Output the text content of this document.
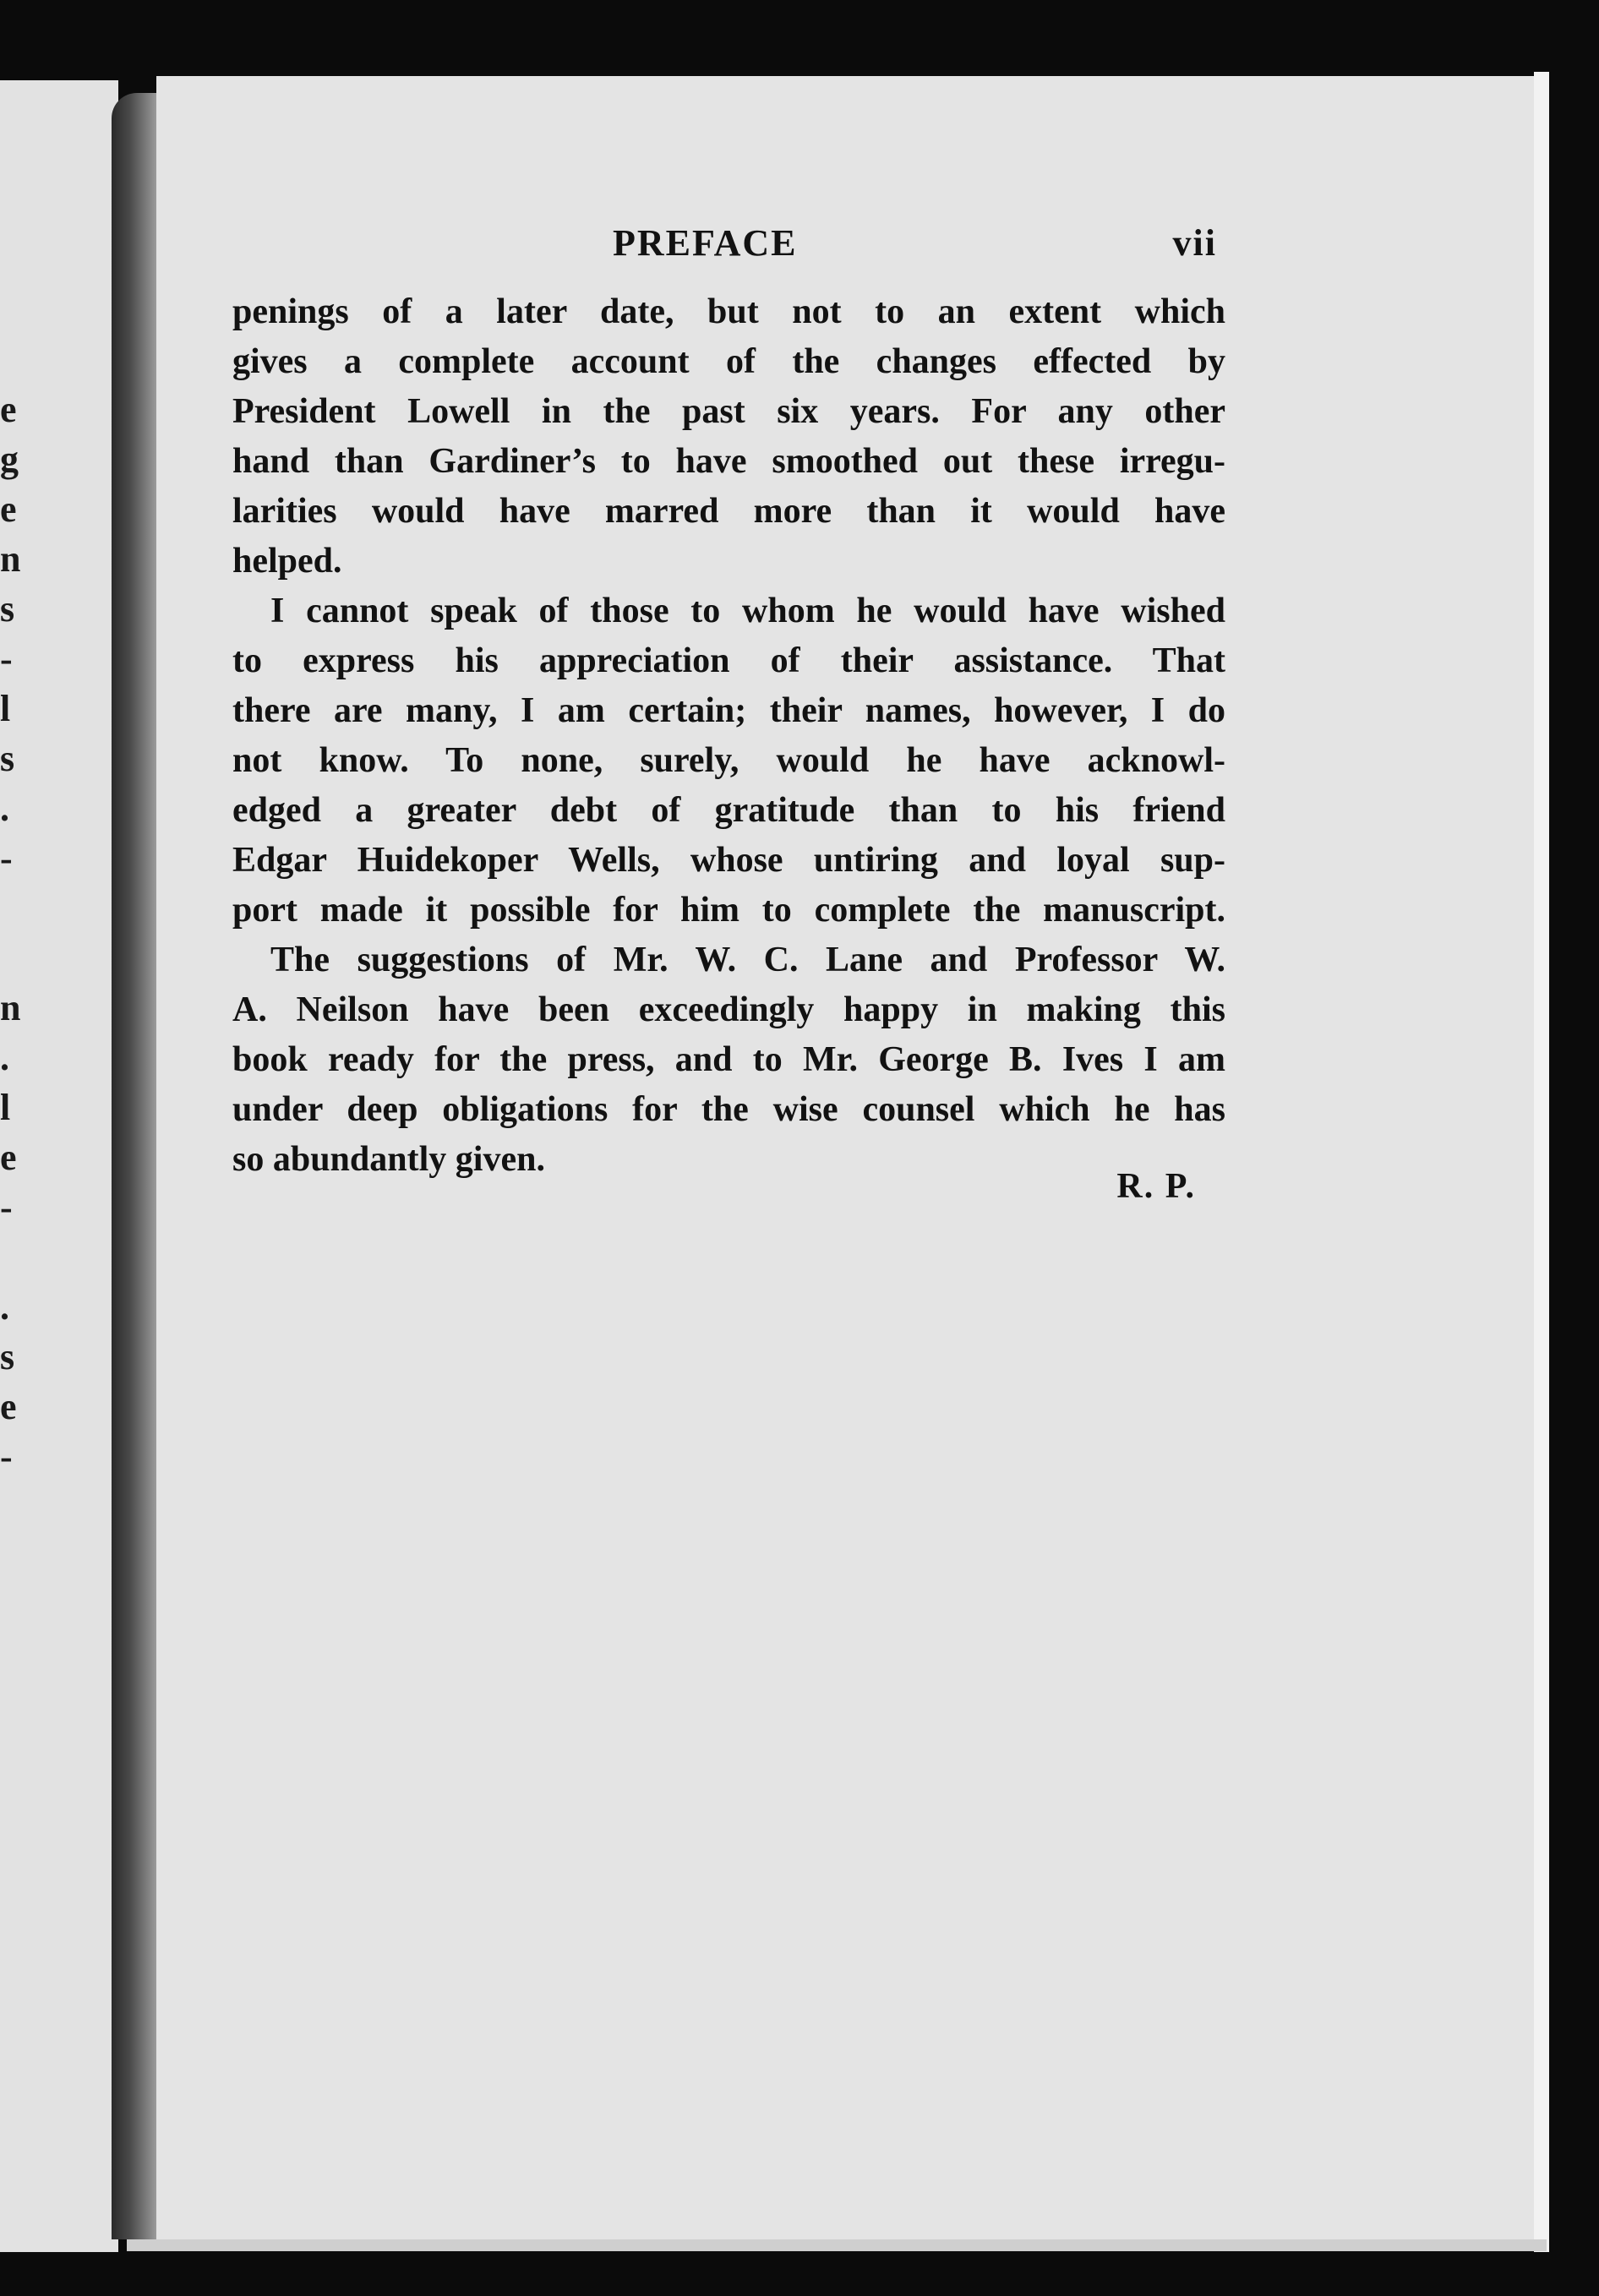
e
g
e
n
s
-
l
s
.
-
n
.
l
e
-
.
s
e
-
PREFACE	vii
penings of a later date, but not to an extent which
gives a complete account of the changes effected by
President Lowell in the past six years. For any other
hand than Gardiner’s to have smoothed out these irregu-
larities would have marred more than it would have
helped.
I cannot speak of those to whom he would have wished
to express his appreciation of their assistance. That
there are many, I am certain; their names, however, I do
not know. To none, surely, would he have acknowl-
edged a greater debt of gratitude than to his friend
Edgar Huidekoper Wells, whose untiring and loyal sup-
port made it possible for him to complete the manuscript.
The suggestions of Mr. W. C. Lane and Professor W.
A. Neilson have been exceedingly happy in making this
book ready for the press, and to Mr. George B. Ives I am
under deep obligations for the wise counsel which he has
so abundantly given.
R. P.
